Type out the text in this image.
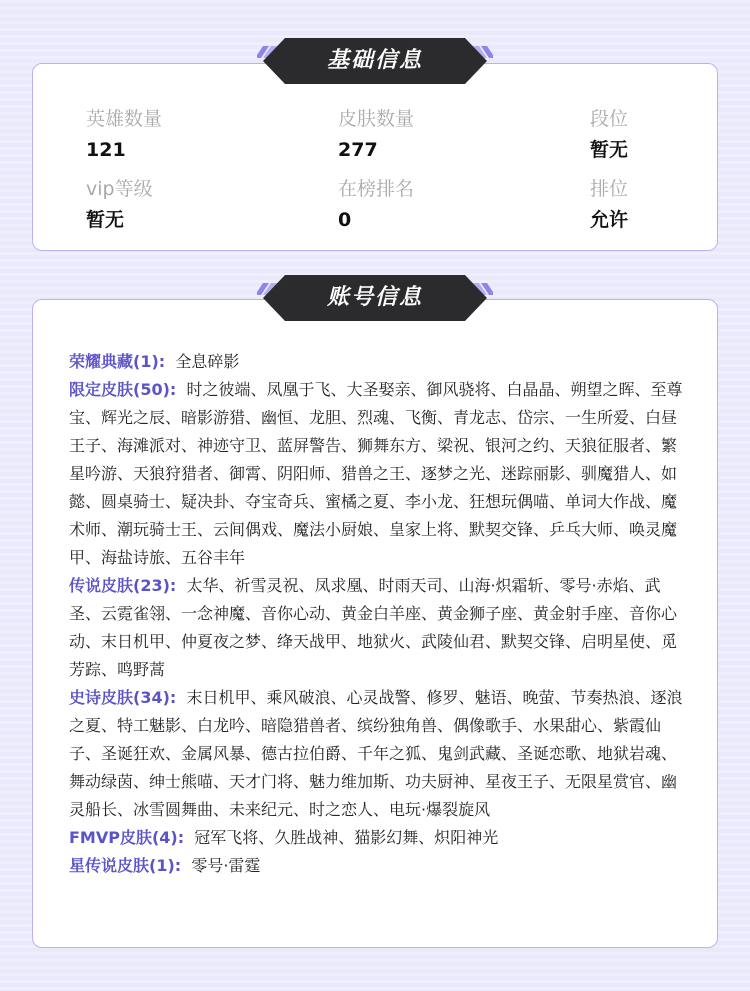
英雄数量
121
皮肤数量
277
段位
暂无
vip等级
暂无
在榜排名
0
排位
允许
基础信息
荣耀典藏(1): 全息碎影
限定皮肤(50): 时之彼端、凤凰于飞、大圣娶亲、御风骁将、白晶晶、朔望之晖、至尊宝、辉光之辰、暗影游猎、幽恒、龙胆、烈魂、飞衡、青龙志、岱宗、一生所爱、白昼王子、海滩派对、神迹守卫、蓝屏警告、狮舞东方、梁祝、银河之约、天狼征服者、繁星吟游、天狼狩猎者、御霄、阴阳师、猎兽之王、逐梦之光、迷踪丽影、驯魔猎人、如懿、圆桌骑士、疑决卦、夺宝奇兵、蜜橘之夏、李小龙、狂想玩偶喵、单词大作战、魔术师、潮玩骑士王、云间偶戏、魔法小厨娘、皇家上将、默契交锋、乒乓大师、唤灵魔甲、海盐诗旅、五谷丰年
传说皮肤(23): 太华、祈雪灵祝、凤求凰、时雨天司、山海·炽霜斩、零号·赤焰、武圣、云霓雀翎、一念神魔、音你心动、黄金白羊座、黄金狮子座、黄金射手座、音你心动、末日机甲、仲夏夜之梦、绛天战甲、地狱火、武陵仙君、默契交锋、启明星使、觅芳踪、鸣野蒿
史诗皮肤(34): 末日机甲、乘风破浪、心灵战警、修罗、魅语、晚萤、节奏热浪、逐浪之夏、特工魅影、白龙吟、暗隐猎兽者、缤纷独角兽、偶像歌手、水果甜心、紫霞仙子、圣诞狂欢、金属风暴、德古拉伯爵、千年之狐、鬼剑武藏、圣诞恋歌、地狱岩魂、舞动绿茵、绅士熊喵、天才门将、魅力维加斯、功夫厨神、星夜王子、无限星赏官、幽灵船长、冰雪圆舞曲、未来纪元、时之恋人、电玩·爆裂旋风
FMVP皮肤(4): 冠军飞将、久胜战神、猫影幻舞、炽阳神光
星传说皮肤(1): 零号·雷霆
账号信息
